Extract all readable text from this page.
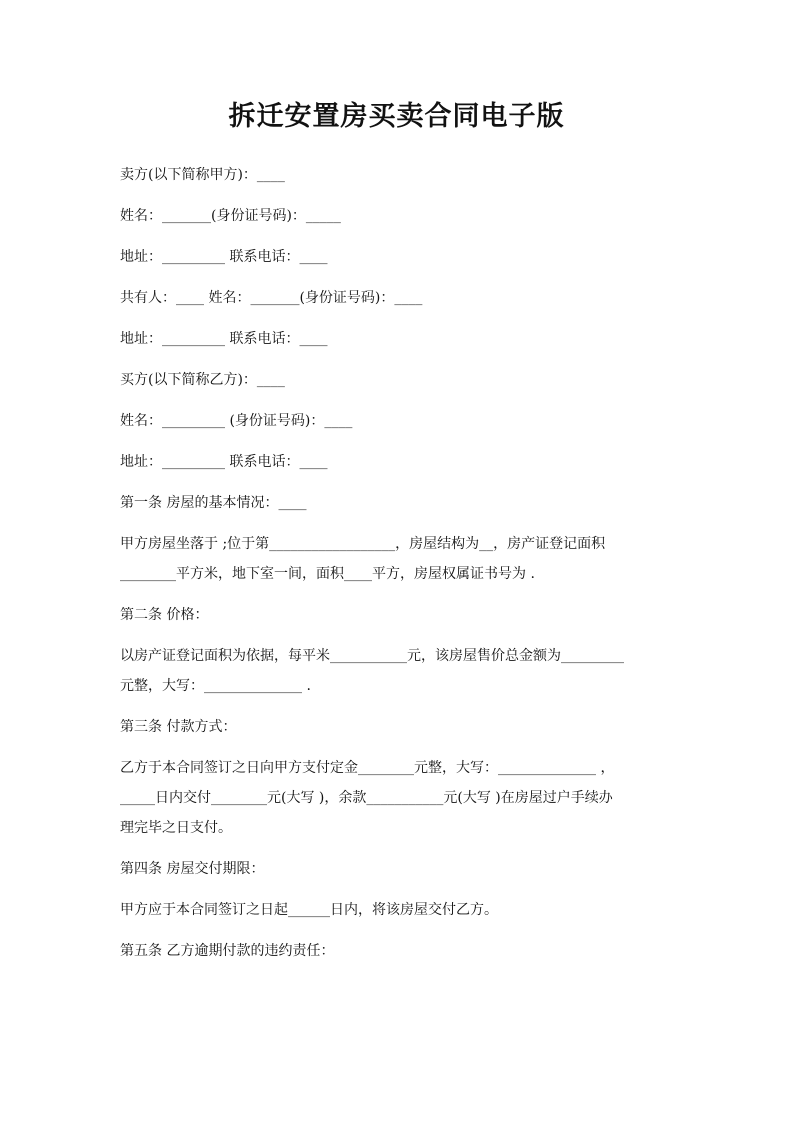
拆迁安置房买卖合同电子版

卖方(以下简称甲方)：____

姓名：_______(身份证号码)：_____

地址：_________ 联系电话：____

共有人：____ 姓名：_______(身份证号码)：____

地址：_________ 联系电话：____

买方(以下简称乙方)：____

姓名：_________ (身份证号码)：____

地址：_________ 联系电话：____

第一条 房屋的基本情况：____

甲方房屋坐落于 ;位于第__________________，房屋结构为__，房产证登记面积
________平方米，地下室一间，面积____平方，房屋权属证书号为 .

第二条 价格：

以房产证登记面积为依据，每平米___________元，该房屋售价总金额为_________
元整，大写：______________ .

第三条 付款方式：

乙方于本合同签订之日向甲方支付定金________元整，大写：______________ ，
_____日内交付________元(大写 )，余款___________元(大写 )在房屋过户手续办
理完毕之日支付。

第四条 房屋交付期限：

甲方应于本合同签订之日起______日内，将该房屋交付乙方。

第五条 乙方逾期付款的违约责任：
